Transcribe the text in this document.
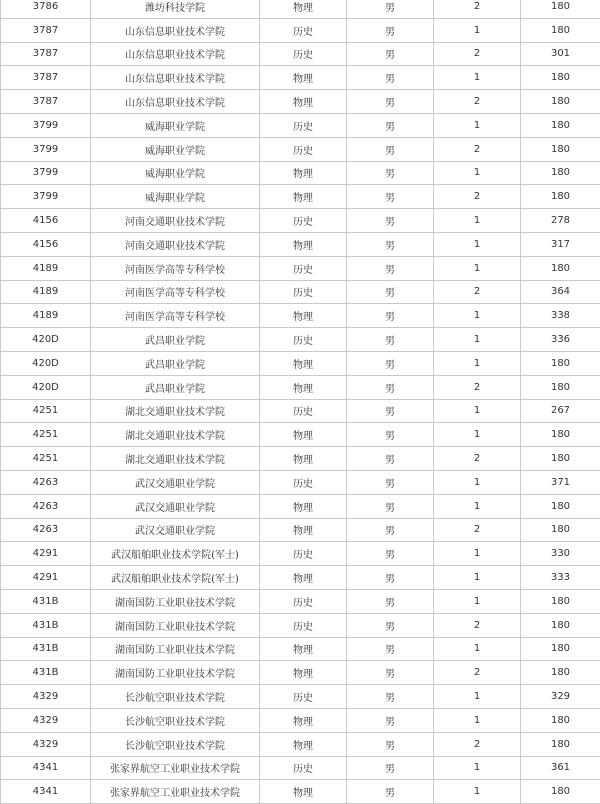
3786	潍坊科技学院	物理	男	2	180
3787	山东信息职业技术学院	历史	男	1	180
3787	山东信息职业技术学院	历史	男	2	301
3787	山东信息职业技术学院	物理	男	1	180
3787	山东信息职业技术学院	物理	男	2	180
3799	威海职业学院	历史	男	1	180
3799	威海职业学院	历史	男	2	180
3799	威海职业学院	物理	男	1	180
3799	威海职业学院	物理	男	2	180
4156	河南交通职业技术学院	历史	男	1	278
4156	河南交通职业技术学院	物理	男	1	317
4189	河南医学高等专科学校	历史	男	1	180
4189	河南医学高等专科学校	历史	男	2	364
4189	河南医学高等专科学校	物理	男	1	338
420D	武昌职业学院	历史	男	1	336
420D	武昌职业学院	物理	男	1	180
420D	武昌职业学院	物理	男	2	180
4251	湖北交通职业技术学院	历史	男	1	267
4251	湖北交通职业技术学院	物理	男	1	180
4251	湖北交通职业技术学院	物理	男	2	180
4263	武汉交通职业学院	历史	男	1	371
4263	武汉交通职业学院	物理	男	1	180
4263	武汉交通职业学院	物理	男	2	180
4291	武汉船舶职业技术学院(军士)	历史	男	1	330
4291	武汉船舶职业技术学院(军士)	物理	男	1	333
431B	湖南国防工业职业技术学院	历史	男	1	180
431B	湖南国防工业职业技术学院	历史	男	2	180
431B	湖南国防工业职业技术学院	物理	男	1	180
431B	湖南国防工业职业技术学院	物理	男	2	180
4329	长沙航空职业技术学院	历史	男	1	329
4329	长沙航空职业技术学院	物理	男	1	180
4329	长沙航空职业技术学院	物理	男	2	180
4341	张家界航空工业职业技术学院	历史	男	1	361
4341	张家界航空工业职业技术学院	物理	男	1	180
